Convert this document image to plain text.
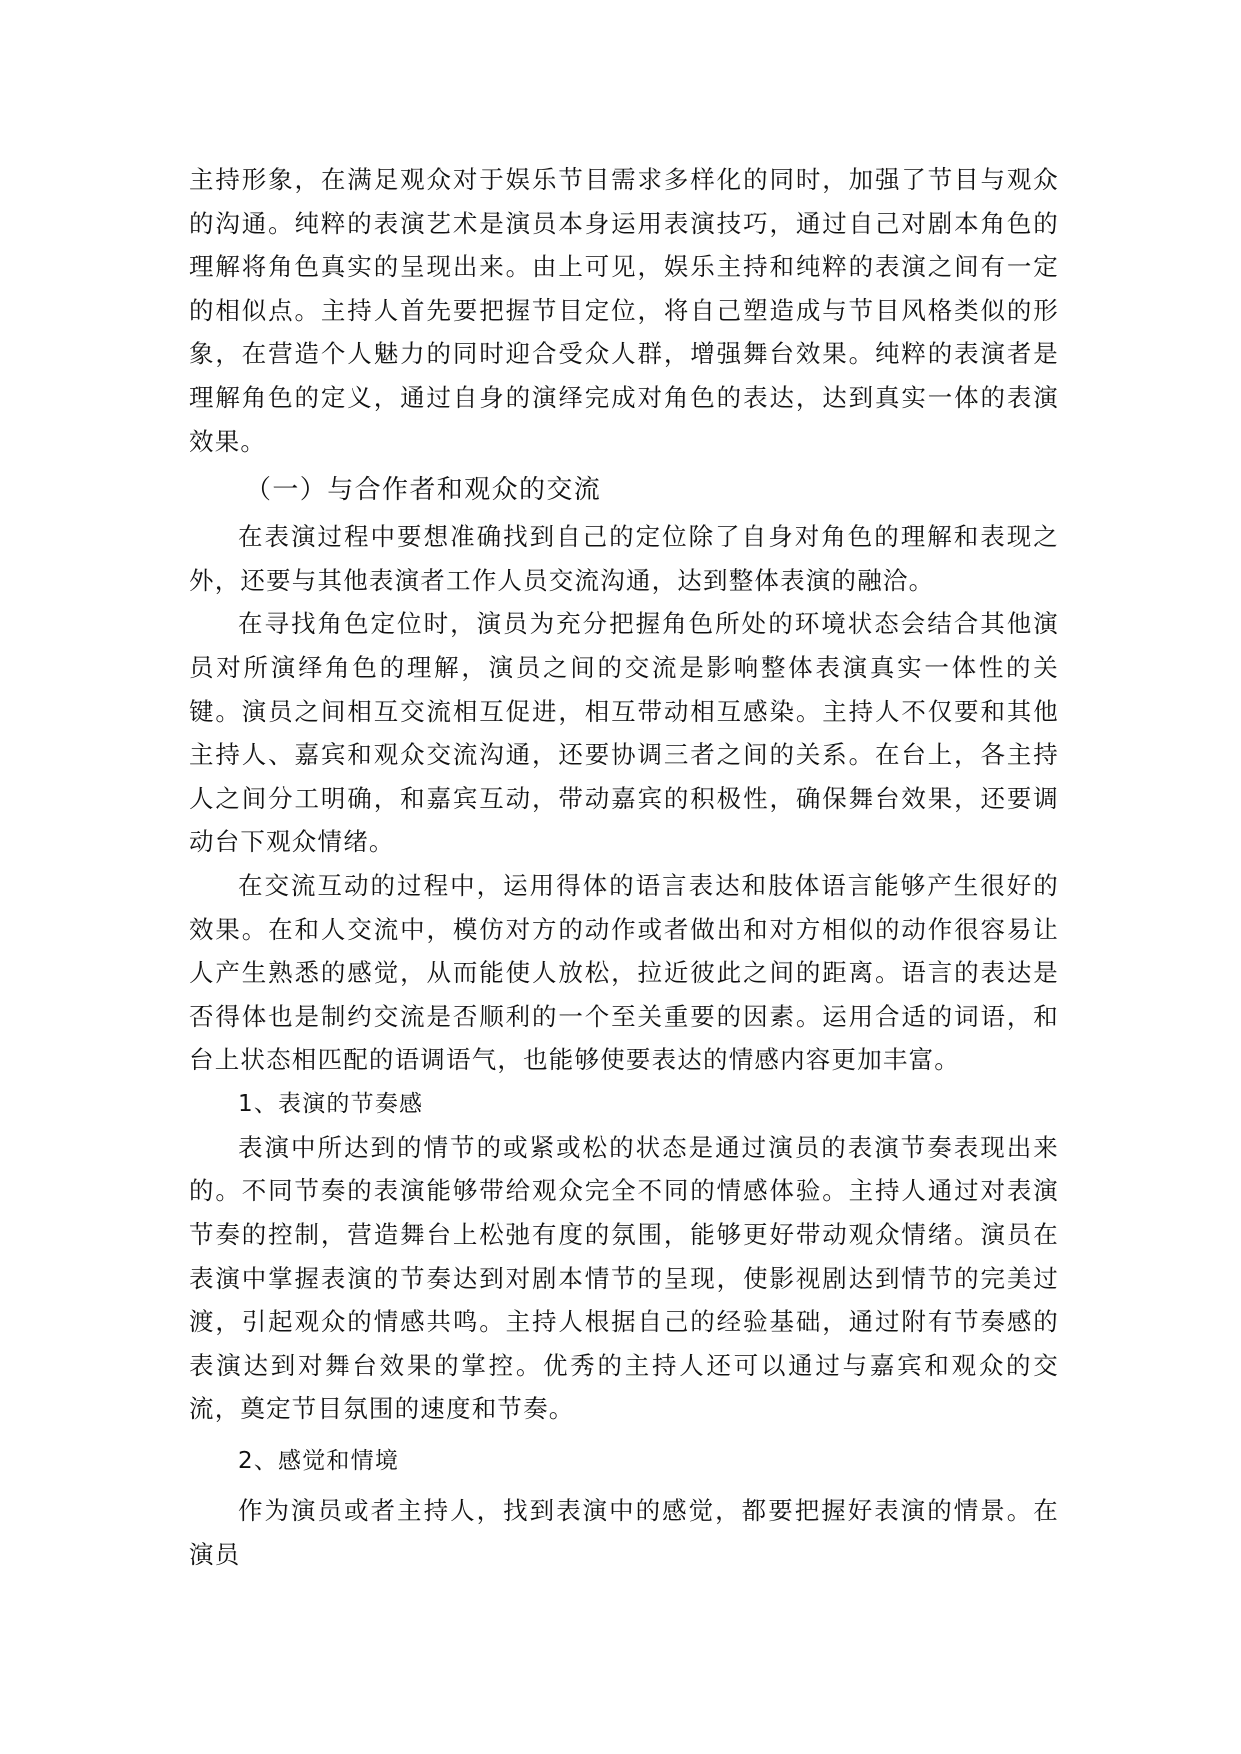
主持形象，在满足观众对于娱乐节目需求多样化的同时，加强了节目与观众的沟通。纯粹的表演艺术是演员本身运用表演技巧，通过自己对剧本角色的理解将角色真实的呈现出来。由上可见，娱乐主持和纯粹的表演之间有一定的相似点。主持人首先要把握节目定位，将自己塑造成与节目风格类似的形象，在营造个人魅力的同时迎合受众人群，增强舞台效果。纯粹的表演者是理解角色的定义，通过自身的演绎完成对角色的表达，达到真实一体的表演效果。

（一）与合作者和观众的交流

在表演过程中要想准确找到自己的定位除了自身对角色的理解和表现之外，还要与其他表演者工作人员交流沟通，达到整体表演的融洽。

在寻找角色定位时，演员为充分把握角色所处的环境状态会结合其他演员对所演绎角色的理解，演员之间的交流是影响整体表演真实一体性的关键。演员之间相互交流相互促进，相互带动相互感染。主持人不仅要和其他主持人、嘉宾和观众交流沟通，还要协调三者之间的关系。在台上，各主持人之间分工明确，和嘉宾互动，带动嘉宾的积极性，确保舞台效果，还要调动台下观众情绪。

在交流互动的过程中，运用得体的语言表达和肢体语言能够产生很好的效果。在和人交流中，模仿对方的动作或者做出和对方相似的动作很容易让人产生熟悉的感觉，从而能使人放松，拉近彼此之间的距离。语言的表达是否得体也是制约交流是否顺利的一个至关重要的因素。运用合适的词语，和台上状态相匹配的语调语气，也能够使要表达的情感内容更加丰富。

1、表演的节奏感

表演中所达到的情节的或紧或松的状态是通过演员的表演节奏表现出来的。不同节奏的表演能够带给观众完全不同的情感体验。主持人通过对表演节奏的控制，营造舞台上松弛有度的氛围，能够更好带动观众情绪。演员在表演中掌握表演的节奏达到对剧本情节的呈现，使影视剧达到情节的完美过渡，引起观众的情感共鸣。主持人根据自己的经验基础，通过附有节奏感的表演达到对舞台效果的掌控。优秀的主持人还可以通过与嘉宾和观众的交流，奠定节目氛围的速度和节奏。

2、感觉和情境

作为演员或者主持人，找到表演中的感觉，都要把握好表演的情景。在演员
